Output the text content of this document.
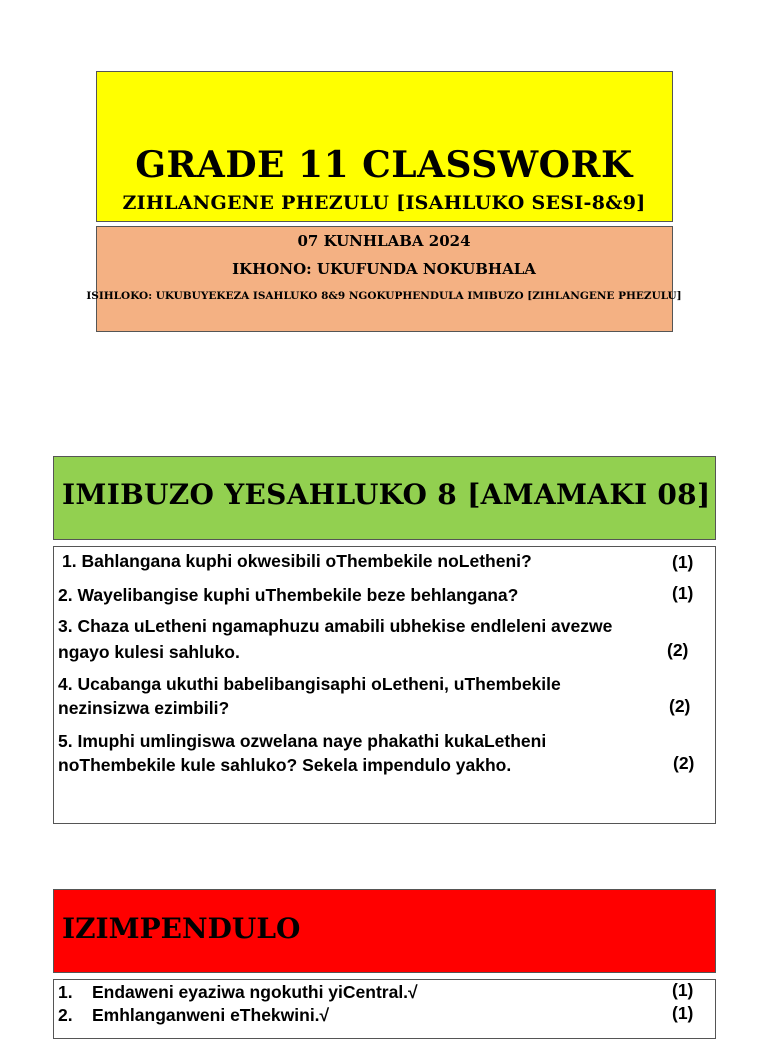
GRADE 11 CLASSWORK
ZIHLANGENE PHEZULU [ISAHLUKO SESI-8&9]
07 KUNHLABA 2024
IKHONO: UKUFUNDA NOKUBHALA
ISIHLOKO: UKUBUYEKEZA ISAHLUKO 8&9 NGOKUPHENDULA IMIBUZO [ZIHLANGENE PHEZULU]
IMIBUZO YESAHLUKO 8 [AMAMAKI 08]
1. Bahlangana kuphi okwesibili oThembekile noLetheni?	(1)
2. Wayelibangise kuphi uThembekile beze behlangana?	(1)
3. Chaza uLetheni ngamaphuzu amabili ubhekise endleleni avezwe
ngayo kulesi sahluko.	(2)
4. Ucabanga ukuthi babelibangisaphi oLetheni, uThembekile
nezinsizwa ezimbili?	(2)
5. Imuphi umlingiswa ozwelana naye phakathi kukaLetheni
noThembekile kule sahluko? Sekela impendulo yakho.	(2)
IZIMPENDULO
1. Endaweni eyaziwa ngokuthi yiCentral.√	(1)
2. Emhlanganweni eThekwini.√	(1)
